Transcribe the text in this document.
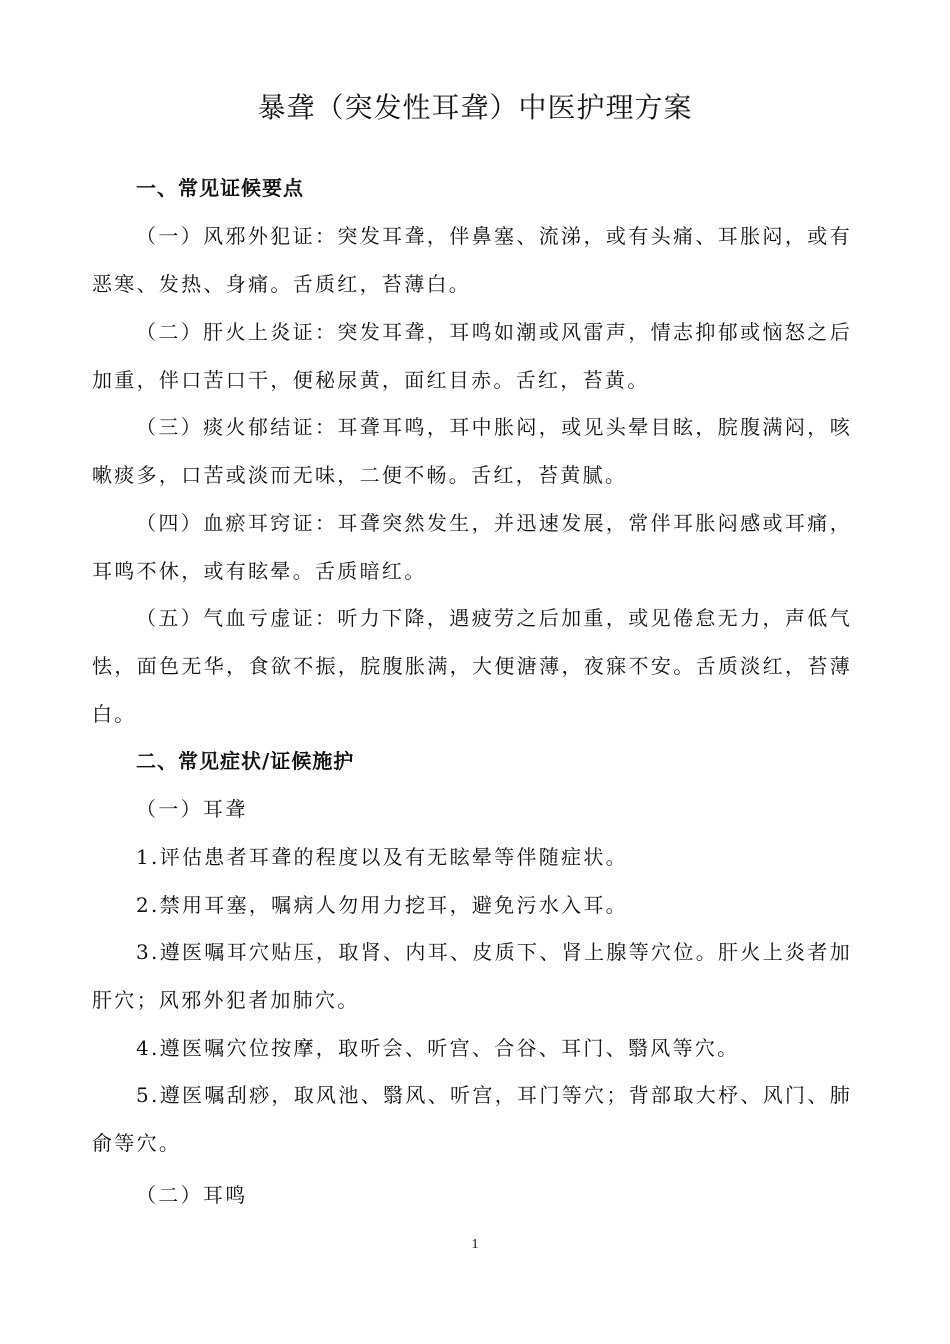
暴聋（突发性耳聋）中医护理方案
一、常见证候要点
（一）风邪外犯证：突发耳聋，伴鼻塞、流涕，或有头痛、耳胀闷，或有恶寒、发热、身痛。舌质红，苔薄白。
（二）肝火上炎证：突发耳聋，耳鸣如潮或风雷声，情志抑郁或恼怒之后加重，伴口苦口干，便秘尿黄，面红目赤。舌红，苔黄。
（三）痰火郁结证：耳聋耳鸣，耳中胀闷，或见头晕目眩，脘腹满闷，咳嗽痰多，口苦或淡而无味，二便不畅。舌红，苔黄腻。
（四）血瘀耳窍证：耳聋突然发生，并迅速发展，常伴耳胀闷感或耳痛，耳鸣不休，或有眩晕。舌质暗红。
（五）气血亏虚证：听力下降，遇疲劳之后加重，或见倦怠无力，声低气怯，面色无华，食欲不振，脘腹胀满，大便溏薄，夜寐不安。舌质淡红，苔薄白。
二、常见症状/证候施护
（一）耳聋
1.评估患者耳聋的程度以及有无眩晕等伴随症状。
2.禁用耳塞，嘱病人勿用力挖耳，避免污水入耳。
3.遵医嘱耳穴贴压，取肾、内耳、皮质下、肾上腺等穴位。肝火上炎者加肝穴；风邪外犯者加肺穴。
4.遵医嘱穴位按摩，取听会、听宫、合谷、耳门、翳风等穴。
5.遵医嘱刮痧，取风池、翳风、听宫，耳门等穴；背部取大杼、风门、肺俞等穴。
（二）耳鸣
1
